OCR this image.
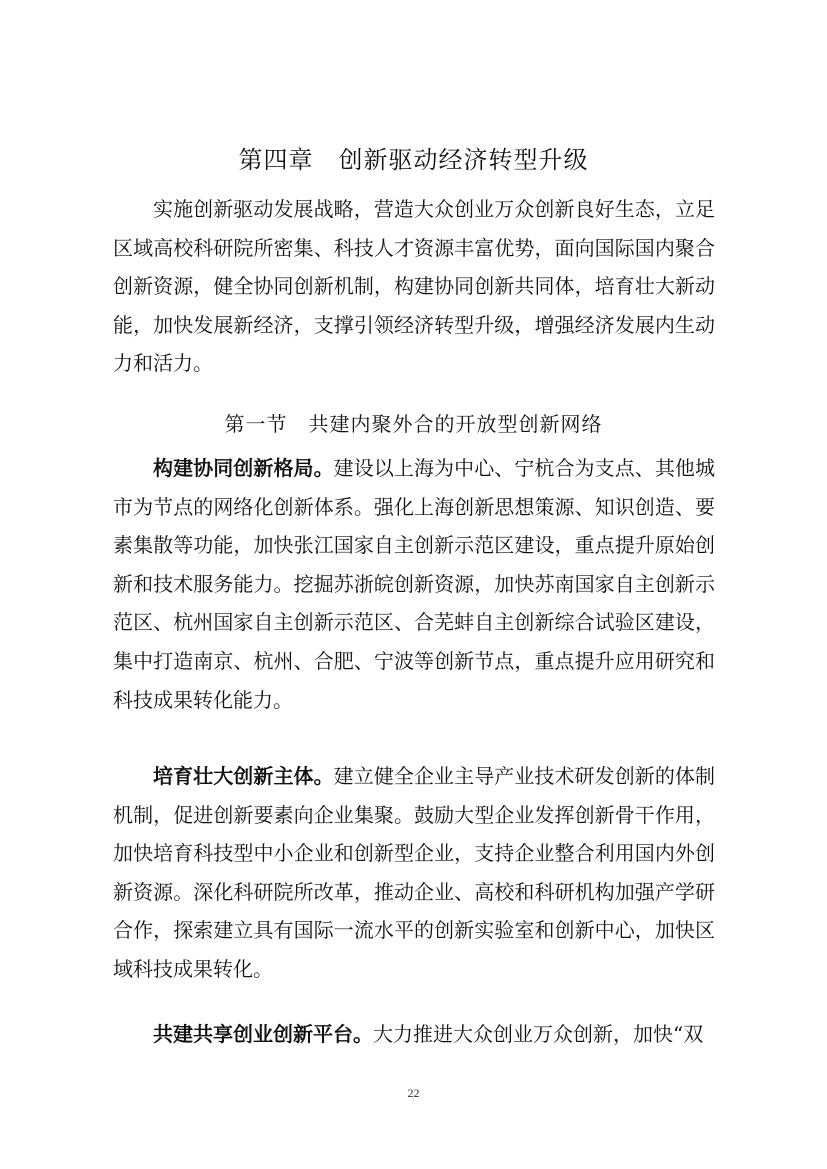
第四章　创新驱动经济转型升级

实施创新驱动发展战略，营造大众创业万众创新良好生态，立足区域高校科研院所密集、科技人才资源丰富优势，面向国际国内聚合创新资源，健全协同创新机制，构建协同创新共同体，培育壮大新动能，加快发展新经济，支撑引领经济转型升级，增强经济发展内生动力和活力。

第一节　共建内聚外合的开放型创新网络

构建协同创新格局。建设以上海为中心、宁杭合为支点、其他城市为节点的网络化创新体系。强化上海创新思想策源、知识创造、要素集散等功能，加快张江国家自主创新示范区建设，重点提升原始创新和技术服务能力。挖掘苏浙皖创新资源，加快苏南国家自主创新示范区、杭州国家自主创新示范区、合芜蚌自主创新综合试验区建设，集中打造南京、杭州、合肥、宁波等创新节点，重点提升应用研究和科技成果转化能力。

培育壮大创新主体。建立健全企业主导产业技术研发创新的体制机制，促进创新要素向企业集聚。鼓励大型企业发挥创新骨干作用，加快培育科技型中小企业和创新型企业，支持企业整合利用国内外创新资源。深化科研院所改革，推动企业、高校和科研机构加强产学研合作，探索建立具有国际一流水平的创新实验室和创新中心，加快区域科技成果转化。

共建共享创业创新平台。大力推进大众创业万众创新，加快“双

22
